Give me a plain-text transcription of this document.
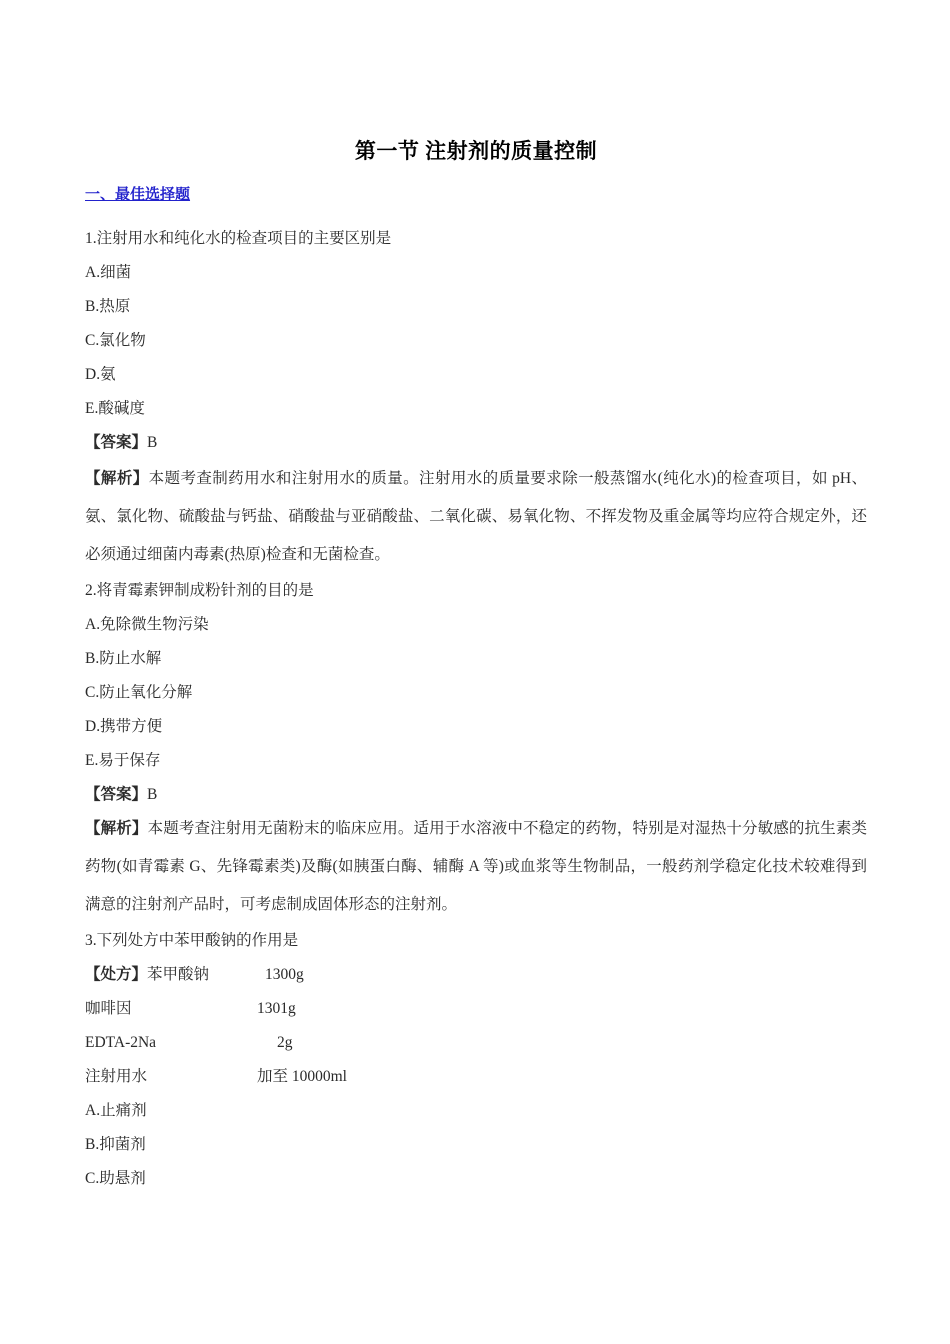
第一节 注射剂的质量控制
一、最佳选择题
1.注射用水和纯化水的检查项目的主要区别是
A.细菌
B.热原
C.氯化物
D.氨
E.酸碱度
【答案】B
【解析】本题考查制药用水和注射用水的质量。注射用水的质量要求除一般蒸馏水(纯化水)的检查项目，如 pH、氨、氯化物、硫酸盐与钙盐、硝酸盐与亚硝酸盐、二氧化碳、易氧化物、不挥发物及重金属等均应符合规定外，还必须通过细菌内毒素(热原)检查和无菌检查。
2.将青霉素钾制成粉针剂的目的是
A.免除微生物污染
B.防止水解
C.防止氧化分解
D.携带方便
E.易于保存
【答案】B
【解析】本题考查注射用无菌粉末的临床应用。适用于水溶液中不稳定的药物，特别是对湿热十分敏感的抗生素类药物(如青霉素 G、先锋霉素类)及酶(如胰蛋白酶、辅酶 A 等)或血浆等生物制品，一般药剂学稳定化技术较难得到满意的注射剂产品时，可考虑制成固体形态的注射剂。
3.下列处方中苯甲酸钠的作用是
【处方】苯甲酸钠	1300g
咖啡因	1301g
EDTA-2Na	2g
注射用水	加至 10000ml
A.止痛剂
B.抑菌剂
C.助悬剂
